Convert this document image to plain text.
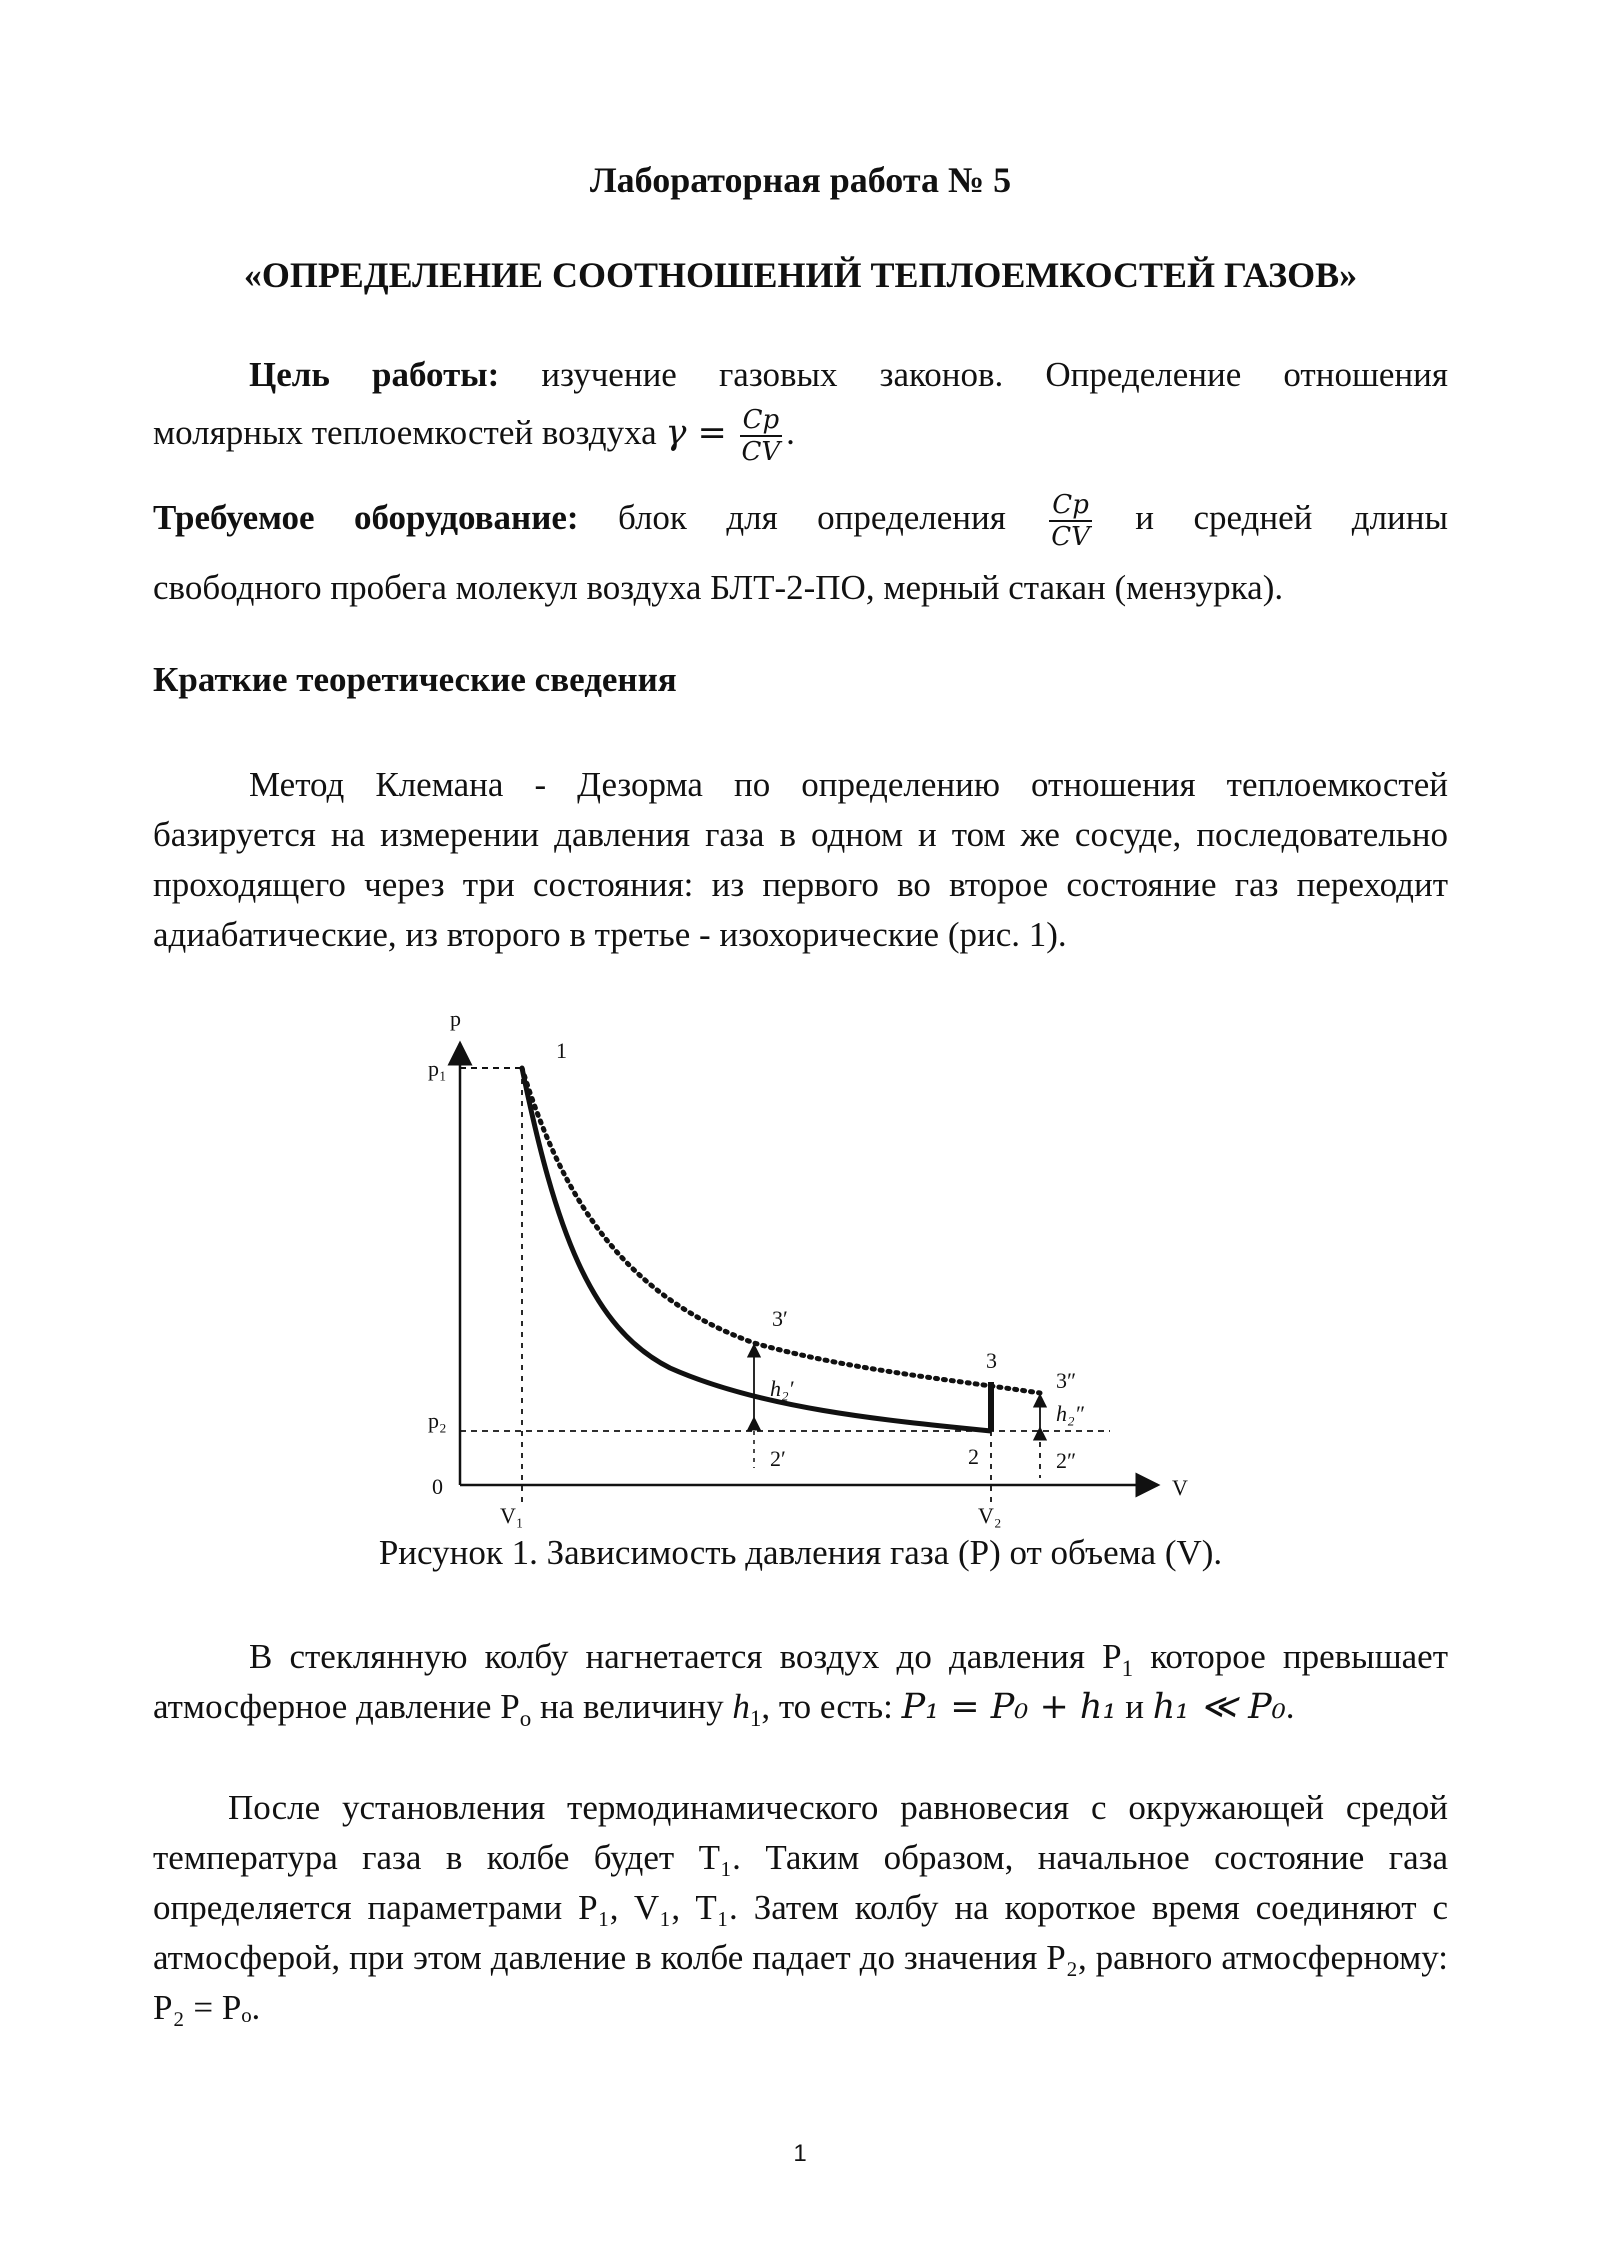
Лабораторная работа № 5
«ОПРЕДЕЛЕНИЕ СООТНОШЕНИЙ ТЕПЛОЕМКОСТЕЙ ГАЗОВ»
Цель работы: изучение газовых законов. Определение отношения
молярных теплоемкостей воздуха $\gamma = \frac{Cp}{CV}$ .
Требуемое оборудование: блок для определения $\frac{Cp}{CV}$ и средней длины
свободного пробега молекул воздуха БЛТ-2-ПО, мерный стакан (мензурка).
Краткие теоретические сведения
Метод Клемана - Дезорма по определению отношения теплоемкостей базируется на измерении давления газа в одном и том же сосуде, последовательно проходящего через три состояния: из первого во второе состояние газ переходит адиабатические, из второго в третье - изохорические (рис. 1).
p
V
0
p₁
p₂
V₁	V₂
1
3′
3
3″
2′	2	2″
h₂′
h₂″
Рисунок 1. Зависимость давления газа (P) от объема (V).
В стеклянную колбу нагнетается воздух до давления $P_1$ которое превышает атмосферное давление $P_o$ на величину $h_1$, то есть: P₁ = P₀ + h₁ и h₁ ≪ P₀.
После установления термодинамического равновесия с окружающей средой температура газа в колбе будет T₁. Таким образом, начальное состояние газа определяется параметрами P₁, V₁, T₁. Затем колбу на короткое время соединяют с атмосферой, при этом давление в колбе падает до значения P₂, равного атмосферному: P₂ = Pₒ.
1
